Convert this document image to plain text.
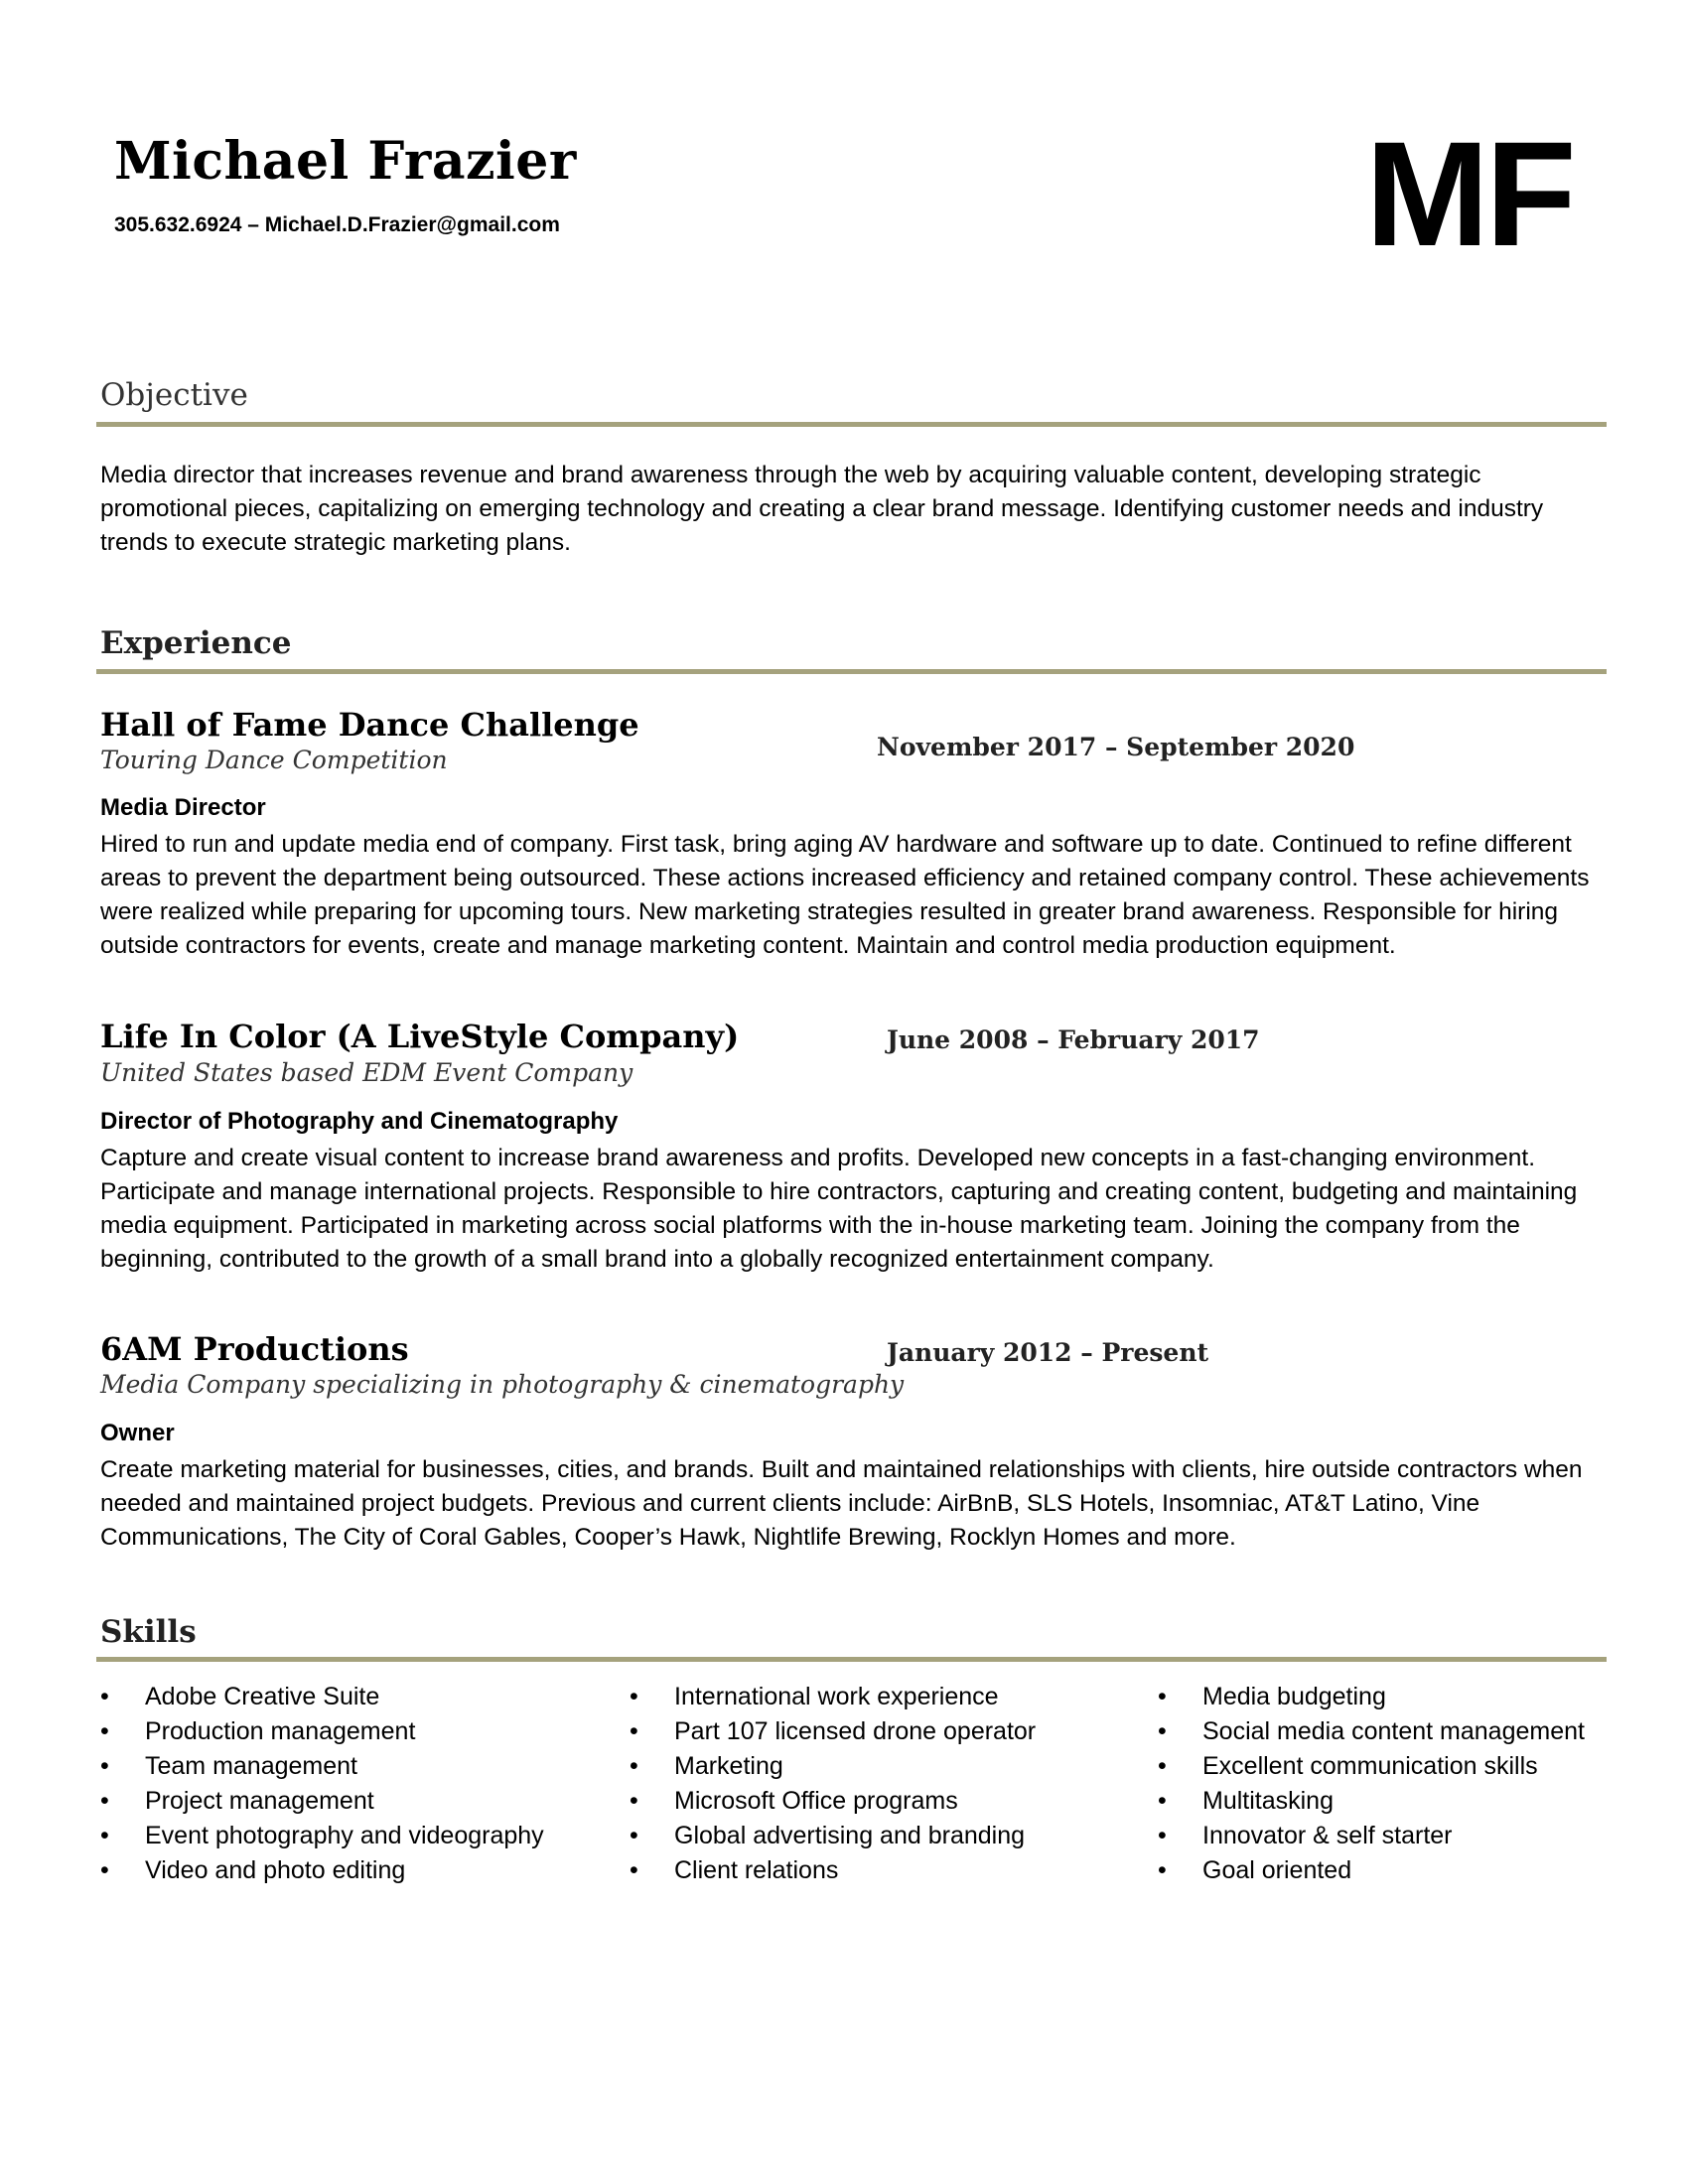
Michael Frazier
305.632.6924 – Michael.D.Frazier@gmail.com	MF
Objective
Media director that increases revenue and brand awareness through the web by acquiring valuable content, developing strategic promotional pieces, capitalizing on emerging technology and creating a clear brand message. Identifying customer needs and industry trends to execute strategic marketing plans.
Experience
Hall of Fame Dance Challenge
Touring Dance Competition	November 2017 – September 2020
Media Director
Hired to run and update media end of company. First task, bring aging AV hardware and software up to date. Continued to refine different areas to prevent the department being outsourced. These actions increased efficiency and retained company control. These achievements were realized while preparing for upcoming tours. New marketing strategies resulted in greater brand awareness. Responsible for hiring outside contractors for events, create and manage marketing content. Maintain and control media production equipment.
Life In Color (A LiveStyle Company)
United States based EDM Event Company
June 2008 – February 2017
Director of Photography and Cinematography
Capture and create visual content to increase brand awareness and profits. Developed new concepts in a fast-changing environment. Participate and manage international projects. Responsible to hire contractors, capturing and creating content, budgeting and maintaining media equipment. Participated in marketing across social platforms with the in-house marketing team. Joining the company from the beginning, contributed to the growth of a small brand into a globally recognized entertainment company.
6AM Productions
Media Company specializing in photography & cinematography
January 2012 – Present
Owner
Create marketing material for businesses, cities, and brands. Built and maintained relationships with clients, hire outside contractors when needed and maintained project budgets. Previous and current clients include: AirBnB, SLS Hotels, Insomniac, AT&T Latino, Vine Communications, The City of Coral Gables, Cooper’s Hawk, Nightlife Brewing, Rocklyn Homes and more.
Skills
• Adobe Creative Suite
• Production management
• Team management
• Project management
• Event photography and videography
• Video and photo editing
• International work experience
• Part 107 licensed drone operator
• Marketing
• Microsoft Office programs
• Global advertising and branding
• Client relations
• Media budgeting
• Social media content management
• Excellent communication skills
• Multitasking
• Innovator & self starter
• Goal oriented
